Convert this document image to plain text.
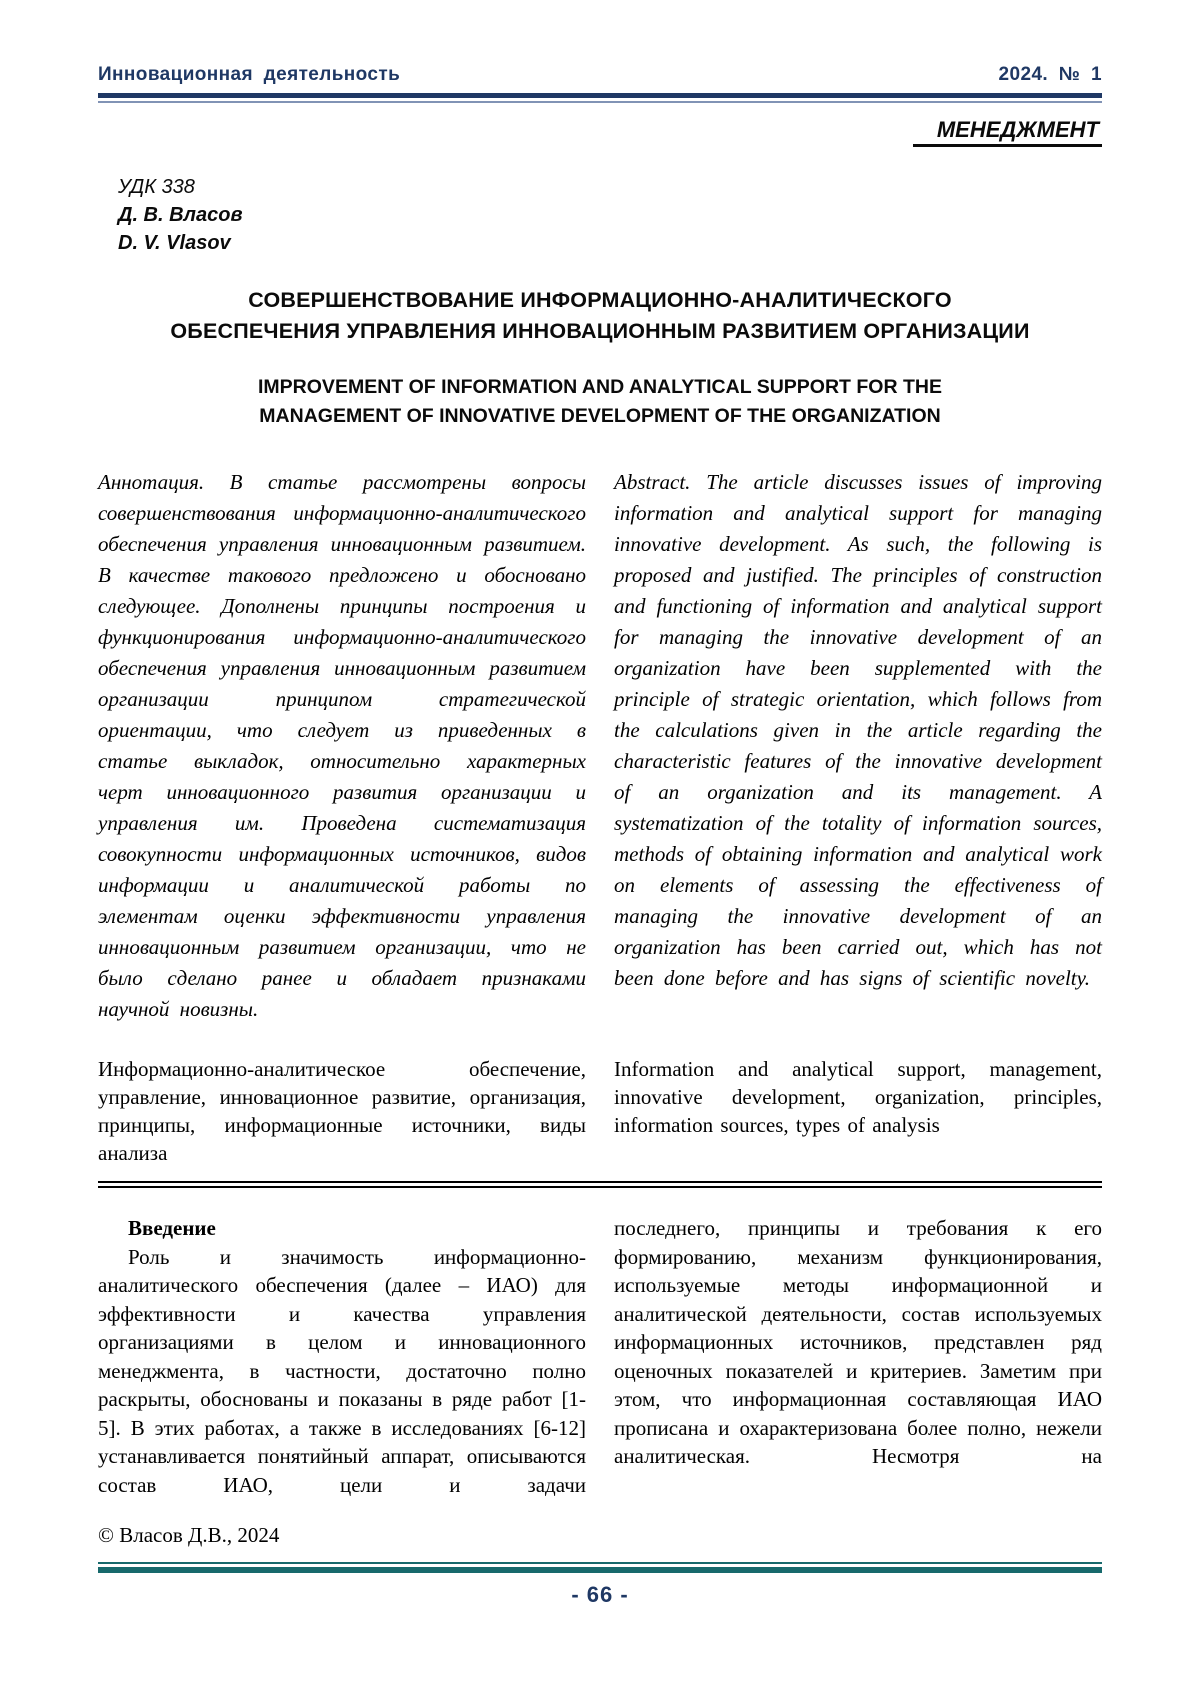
Инновационная деятельность	2024. № 1
МЕНЕДЖМЕНТ
УДК 338
Д. В. Власов
D. V. Vlasov
СОВЕРШЕНСТВОВАНИЕ ИНФОРМАЦИОННО-АНАЛИТИЧЕСКОГО
ОБЕСПЕЧЕНИЯ УПРАВЛЕНИЯ ИННОВАЦИОННЫМ РАЗВИТИЕМ ОРГАНИЗАЦИИ
IMPROVEMENT OF INFORMATION AND ANALYTICAL SUPPORT FOR THE
MANAGEMENT OF INNOVATIVE DEVELOPMENT OF THE ORGANIZATION

Аннотация. В статье рассмотрены вопросы совершенствования информационно-аналитического обеспечения управления инновационным развитием. В качестве такового предложено и обосновано следующее. Дополнены принципы построения и функционирования информационно-аналитического обеспечения управления инновационным развитием организации принципом стратегической ориентации, что следует из приведенных в статье выкладок, относительно характерных черт инновационного развития организации и управления им. Проведена систематизация совокупности информационных источников, видов информации и аналитической работы по элементам оценки эффективности управления инновационным развитием организации, что не было сделано ранее и обладает признаками научной новизны.

Abstract. The article discusses issues of improving information and analytical support for managing innovative development. As such, the following is proposed and justified. The principles of construction and functioning of information and analytical support for managing the innovative development of an organization have been supplemented with the principle of strategic orientation, which follows from the calculations given in the article regarding the characteristic features of the innovative development of an organization and its management. A systematization of the totality of information sources, methods of obtaining information and analytical work on elements of assessing the effectiveness of managing the innovative development of an organization has been carried out, which has not been done before and has signs of scientific novelty.

Информационно-аналитическое обеспечение, управление, инновационное развитие, организация, принципы, информационные источники, виды анализа

Information and analytical support, management, innovative development, organization, principles, information sources, types of analysis

Введение

Роль и значимость информационно-аналитического обеспечения (далее – ИАО) для эффективности и качества управления организациями в целом и инновационного менеджмента, в частности, достаточно полно раскрыты, обоснованы и показаны в ряде работ [1-5]. В этих работах, а также в исследованиях [6-12] устанавливается понятийный аппарат, описываются состав ИАО, цели и задачи

последнего, принципы и требования к его формированию, механизм функционирования, используемые методы информационной и аналитической деятельности, состав используемых информационных источников, представлен ряд оценочных показателей и критериев. Заметим при этом, что информационная составляющая ИАО прописана и охарактеризована более полно, нежели аналитическая. Несмотря на

© Власов Д.В., 2024
- 66 -
